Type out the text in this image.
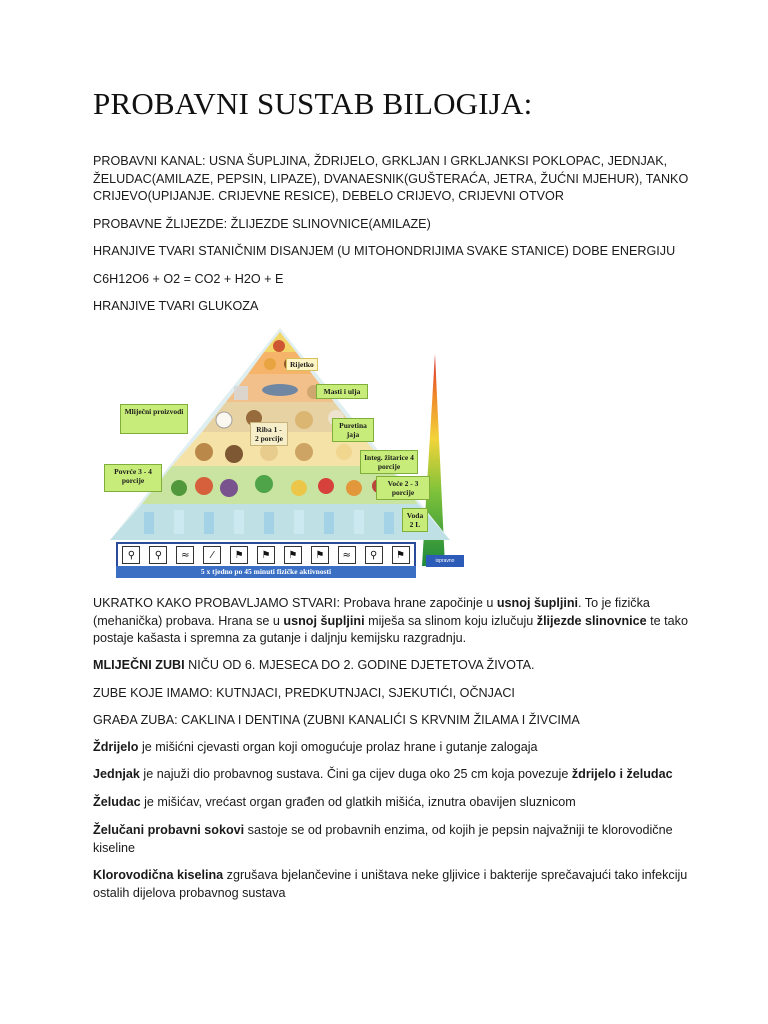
PROBAVNI SUSTAB BILOGIJA:
PROBAVNI KANAL: USNA ŠUPLJINA, ŽDRIJELO, GRKLJAN I GRKLJANKSI POKLOPAC, JEDNJAK, ŽELUDAC(AMILAZE, PEPSIN, LIPAZE), DVANAESNIK(GUŠTERAĆA, JETRA, ŽUĆNI MJEHUR), TANKO CRIJEVO(UPIJANJE. CRIJEVNE RESICE), DEBELO CRIJEVO, CRIJEVNI OTVOR
PROBAVNE ŽLIJEZDE: ŽLIJEZDE SLINOVNICE(AMILAZE)
HRANJIVE TVARI STANIČNIM DISANJEM (U MITOHONDRIJIMA SVAKE STANICE) DOBE ENERGIJU
C6H12O6 + O2 = CO2 + H2O + E
HRANJIVE TVARI GLUKOZA
Rijetko
Masti i ulja
Mliječni proizvodi
Puretina jaja
Riba 1 - 2 porcije
Integ. žitarice 4 porcije
Povrće 3 - 4 porcije	Voće 2 - 3 porcije
Voda 2 L
⚲	⚲	≈	⁄	⚑	⚑	⚑	⚑	≈	⚲	⚑
5 x tjedno po 45 minuti fizičke aktivnosti
ispravno
UKRATKO KAKO PROBAVLJAMO STVARI: Probava hrane započinje u usnoj šupljini. To je fizička (mehanička) probava. Hrana se u usnoj šupljini miješa sa slinom koju izlučuju žlijezde slinovnice te tako postaje kašasta i spremna za gutanje i daljnju kemijsku razgradnju.
MLIJEČNI ZUBI NIČU OD 6. MJESECA DO 2. GODINE DJETETOVA ŽIVOTA.
ZUBE KOJE IMAMO: KUTNJACI, PREDKUTNJACI, SJEKUTIĆI, OČNJACI
GRAĐA ZUBA: CAKLINA I DENTINA (ZUBNI KANALIĆI S KRVNIM ŽILAMA I ŽIVCIMA
Ždrijelo je mišićni cjevasti organ koji omogućuje prolaz hrane i gutanje zalogaja
Jednjak je najuži dio probavnog sustava. Čini ga cijev duga oko 25 cm koja povezuje ždrijelo i želudac
Želudac je mišićav, vrećast organ građen od glatkih mišića, iznutra obavijen sluznicom
Želučani probavni sokovi sastoje se od probavnih enzima, od kojih je pepsin najvažniji te klorovodične kiseline
Klorovodična kiselina zgrušava bjelančevine i uništava neke gljivice i bakterije sprečavajući tako infekciju ostalih dijelova probavnog sustava
